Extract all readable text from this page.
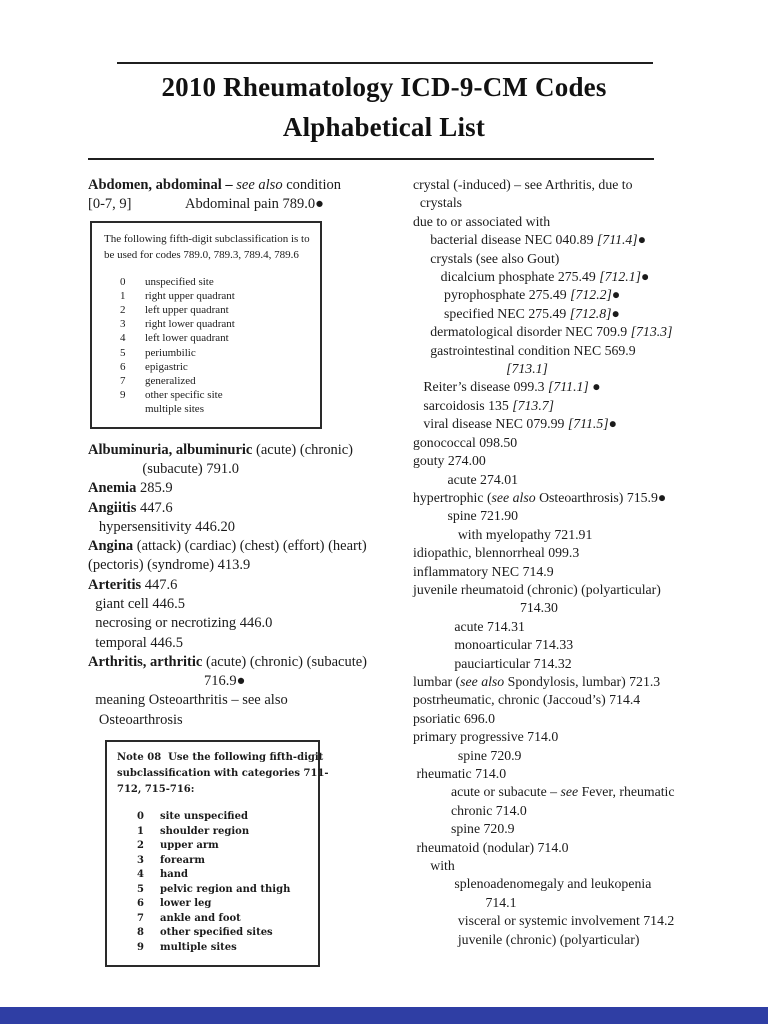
2010 Rheumatology ICD-9-CM Codes
Alphabetical List
Abdomen, abdominal – see also condition
[0-7, 9]               Abdominal pain 789.0●
The following fifth-digit subclassification is to
be used for codes 789.0, 789.3, 789.4, 789.6
0	unspecified site
1	right upper quadrant
2	left upper quadrant
3	right lower quadrant
4	left lower quadrant
5	periumbilic
6	epigastric
7	generalized
9	other specific site
multiple sites
Albuminuria, albuminuric (acute) (chronic)
(subacute) 791.0
Anemia 285.9
Angiitis 447.6
hypersensitivity 446.20
Angina (attack) (cardiac) (chest) (effort) (heart)
(pectoris) (syndrome) 413.9
Arteritis 447.6
giant cell 446.5
necrosing or necrotizing 446.0
temporal 446.5
Arthritis, arthritic (acute) (chronic) (subacute)
716.9●
meaning Osteoarthritis – see also
Osteoarthrosis
Note 08  Use the following fifth-digit
subclassification with categories 711-
712, 715-716:
0	site unspecified
1	shoulder region
2	upper arm
3	forearm
4	hand
5	pelvic region and thigh
6	lower leg
7	ankle and foot
8	other specified sites
9	multiple sites
crystal (-induced) – see Arthritis, due to
crystals
due to or associated with
bacterial disease NEC 040.89 [711.4]●
crystals (see also Gout)
dicalcium phosphate 275.49 [712.1]●
pyrophosphate 275.49 [712.2]●
specified NEC 275.49 [712.8]●
dermatological disorder NEC 709.9 [713.3]
gastrointestinal condition NEC 569.9
[713.1]
Reiter’s disease 099.3 [711.1] ●
sarcoidosis 135 [713.7]
viral disease NEC 079.99 [711.5]●
gonococcal 098.50
gouty 274.00
acute 274.01
hypertrophic (see also Osteoarthrosis) 715.9●
spine 721.90
with myelopathy 721.91
idiopathic, blennorrheal 099.3
inflammatory NEC 714.9
juvenile rheumatoid (chronic) (polyarticular)
714.30
acute 714.31
monoarticular 714.33
pauciarticular 714.32
lumbar (see also Spondylosis, lumbar) 721.3
postrheumatic, chronic (Jaccoud’s) 714.4
psoriatic 696.0
primary progressive 714.0
spine 720.9
rheumatic 714.0
acute or subacute – see Fever, rheumatic
chronic 714.0
spine 720.9
rheumatoid (nodular) 714.0
with
splenoadenomegaly and leukopenia
714.1
visceral or systemic involvement 714.2
juvenile (chronic) (polyarticular)
